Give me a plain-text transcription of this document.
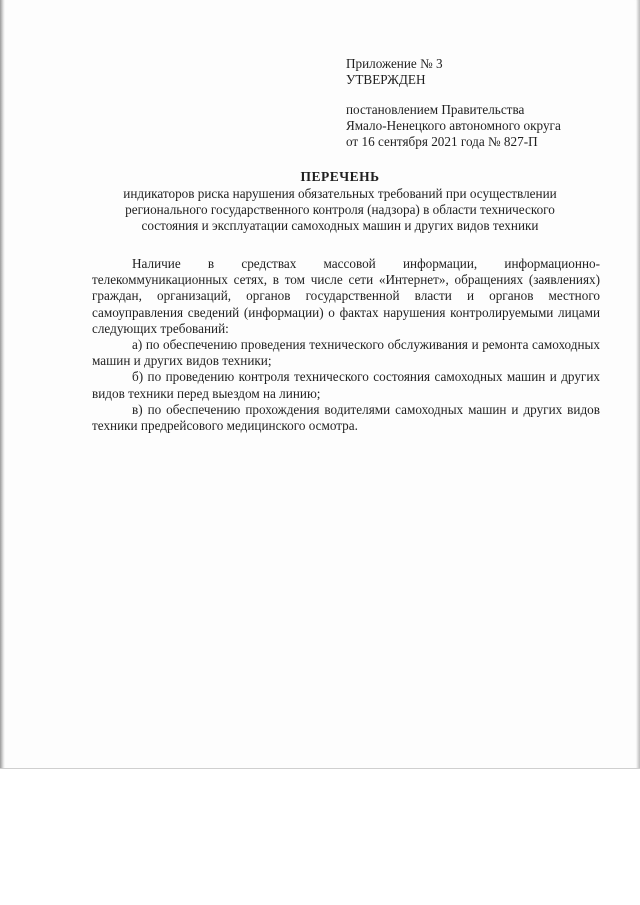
Приложение № 3
УТВЕРЖДЕН
постановлением Правительства
Ямало-Ненецкого автономного округа
от 16 сентября 2021 года № 827-П
ПЕРЕЧЕНЬ
индикаторов риска нарушения обязательных требований при осуществлении
регионального государственного контроля (надзора) в области технического
состояния и эксплуатации самоходных машин и других видов техники

Наличие в средствах массовой информации, информационно-телекоммуникационных сетях, в том числе сети «Интернет», обращениях (заявлениях) граждан, организаций, органов государственной власти и органов местного самоуправления сведений (информации) о фактах нарушения контролируемыми лицами следующих требований:

а) по обеспечению проведения технического обслуживания и ремонта самоходных машин и других видов техники;

б) по проведению контроля технического состояния самоходных машин и других видов техники перед выездом на линию;

в) по обеспечению прохождения водителями самоходных машин и других видов техники предрейсового медицинского осмотра.
